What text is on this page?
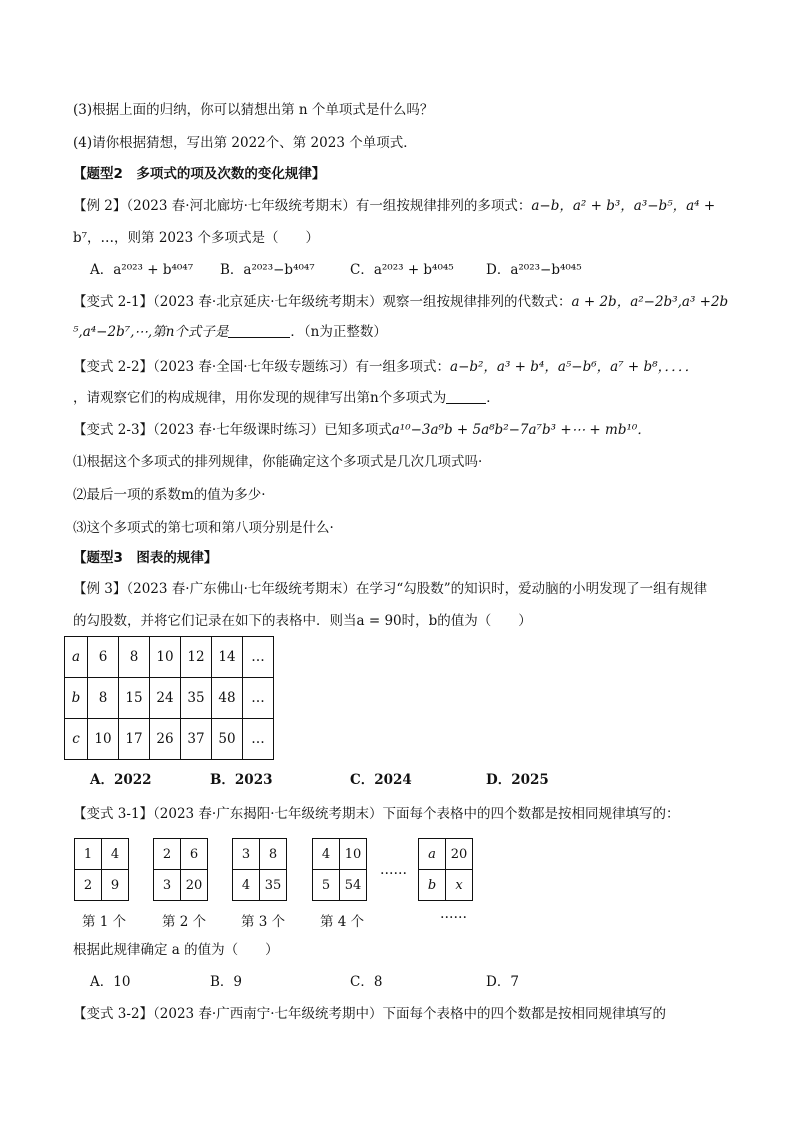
(3)根据上面的归纳，你可以猜想出第 n 个单项式是什么吗？
(4)请你根据猜想，写出第 2022个、第 2023 个单项式．
【题型2　多项式的项及次数的变化规律】
【例 2】（2023 春·河北廊坊·七年级统考期末）有一组按规律排列的多项式：a−b，a² + b³，a³−b⁵，a⁴ +
b⁷，…，则第 2023 个多项式是（　　）
A．a²⁰²³ + b⁴⁰⁴⁷ B．a²⁰²³−b⁴⁰⁴⁷	C．a²⁰²³ + b⁴⁰⁴⁵ D．a²⁰²³−b⁴⁰⁴⁵
【变式 2-1】（2023 春·北京延庆·七年级统考期末）观察一组按规律排列的代数式：a + 2b，a²−2b³,a³ +2b
⁵,a⁴−2b⁷,⋯,第n个式子是	．（n为正整数）
【变式 2-2】（2023 春·全国·七年级专题练习）有一组多项式：a−b²，a³ + b⁴，a⁵−b⁶，a⁷ + b⁸，．．．．
，请观察它们的构成规律，用你发现的规律写出第n个多项式为	．
【变式 2-3】（2023 春·七年级课时练习）已知多项式a¹⁰−3a⁹b + 5a⁸b²−7a⁷b³ +⋯ + mb¹⁰．
⑴根据这个多项式的排列规律，你能确定这个多项式是几次几项式吗·
⑵最后一项的系数m的值为多少·
⑶这个多项式的第七项和第八项分别是什么·
【题型3　图表的规律】
【例 3】（2023 春·广东佛山·七年级统考期末）在学习“勾股数”的知识时，爱动脑的小明发现了一组有规律
的勾股数，并将它们记录在如下的表格中．则当a = 90时，b的值为（　　）
a	6	8	10	12	14	…
b	8	15	24	35	48	…
c	10	17	26	37	50	…
A．2022	B．2023	C．2024	D．2025
【变式 3-1】（2023 春·广东揭阳·七年级统考期末）下面每个表格中的四个数都是按相同规律填写的：
1	4
2	9
2	6
3	20
3	8
4	35
4	10
5	54
……
a	20
b	x
第 1 个	第 2 个	第 3 个	第 4 个	……
根据此规律确定 a 的值为（　　）
A．10	B．9	C．8	D．7
【变式 3-2】（2023 春·广西南宁·七年级统考期中）下面每个表格中的四个数都是按相同规律填写的
